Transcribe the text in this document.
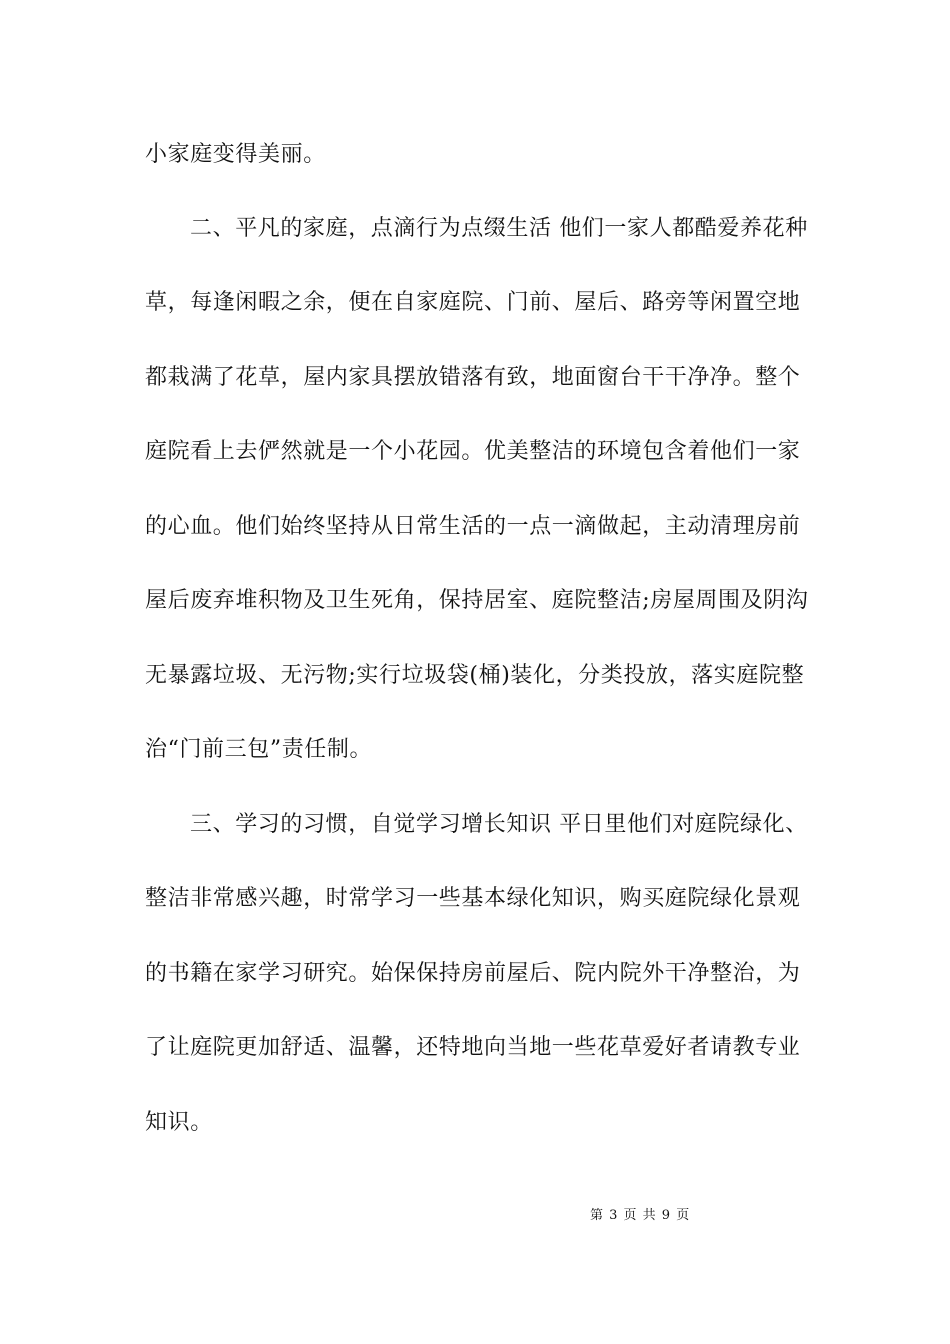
小家庭变得美丽。
二、平凡的家庭，点滴行为点缀生活 他们一家人都酷爱养花种
草，每逢闲暇之余，便在自家庭院、门前、屋后、路旁等闲置空地
都栽满了花草，屋内家具摆放错落有致，地面窗台干干净净。整个
庭院看上去俨然就是一个小花园。优美整洁的环境包含着他们一家
的心血。他们始终坚持从日常生活的一点一滴做起，主动清理房前
屋后废弃堆积物及卫生死角，保持居室、庭院整洁;房屋周围及阴沟
无暴露垃圾、无污物;实行垃圾袋(桶)装化，分类投放，落实庭院整
治“门前三包”责任制。
三、学习的习惯，自觉学习增长知识 平日里他们对庭院绿化、
整洁非常感兴趣，时常学习一些基本绿化知识，购买庭院绿化景观
的书籍在家学习研究。始保保持房前屋后、院内院外干净整治，为
了让庭院更加舒适、温馨，还特地向当地一些花草爱好者请教专业
知识。
第 3 页 共 9 页
